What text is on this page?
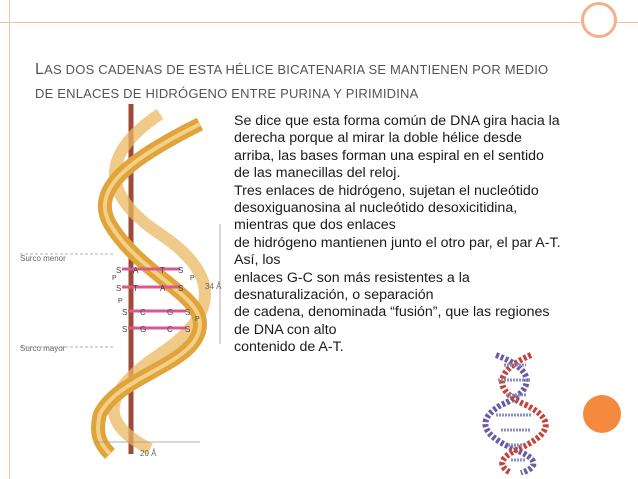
LAS DOS CADENAS DE ESTA HÉLICE BICATENARIA SE MANTIENEN POR MEDIO
DE ENLACES DE HIDRÓGENO ENTRE PURINA Y PIRIMIDINA
Surco menor
Surco mayor
34 Å
20 Å
S A	T S
S T	A S
S C	G S
S G	C S
P	P
P
P
Se dice que esta forma común de DNA gira hacia la
derecha porque al mirar la doble hélice desde
arriba, las bases forman una espiral en el sentido
de las manecillas del reloj.
Tres enlaces de hidrógeno, sujetan el nucleótido
desoxiguanosina al nucleótido desoxicitidina,
mientras que dos enlaces
de hidrógeno mantienen junto el otro par, el par A-T.
Así, los
enlaces G-C son más resistentes a la
desnaturalización, o separación
de cadena, denominada “fusión”, que las regiones
de DNA con alto
contenido de A-T.
